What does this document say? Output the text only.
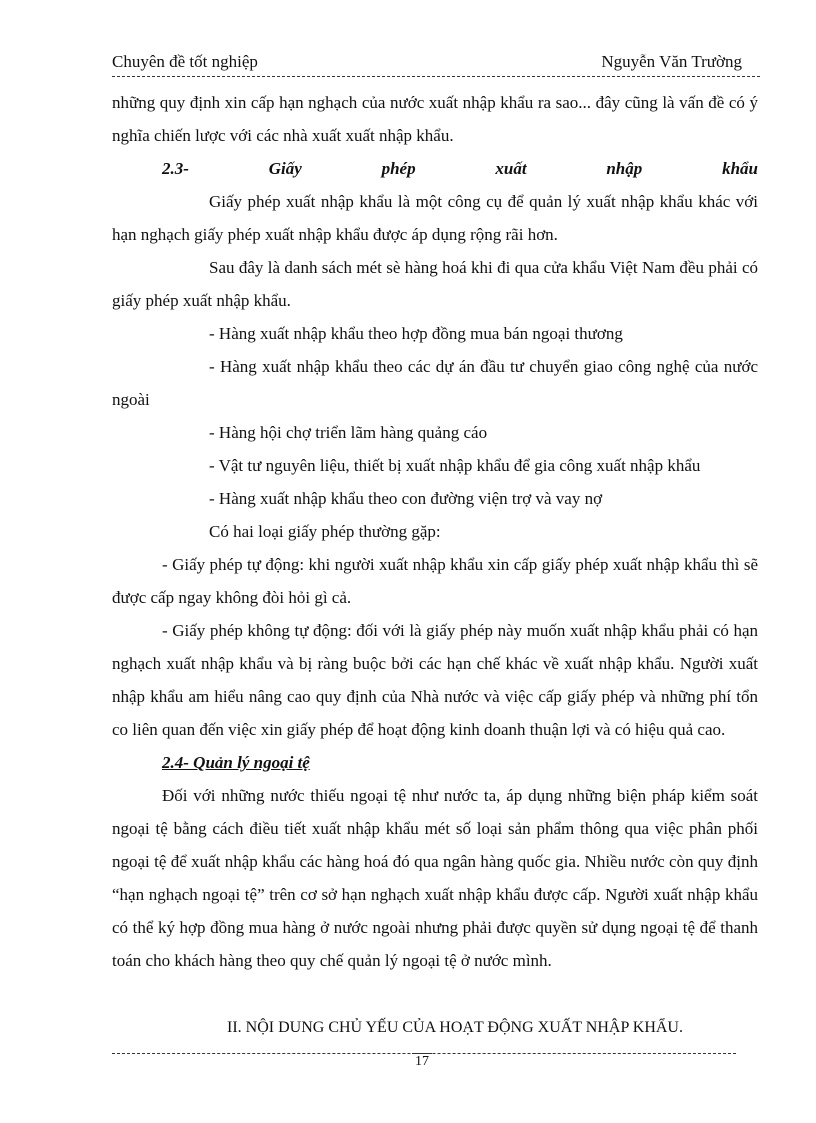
Chuyên đề tốt nghiệp	Nguyễn Văn Trường

những quy định xin cấp hạn nghạch của nước xuất nhập khẩu ra sao... đây cũng là vấn đề có ý nghĩa chiến lược với các nhà xuất xuất nhập khẩu.

2.3-	Giấy	phép	xuất	nhập	khẩu

Giấy phép xuất nhập khẩu là một công cụ để quản lý xuất nhập khẩu khác với hạn nghạch giấy phép xuất nhập khẩu được áp dụng rộng rãi hơn.

Sau đây là danh sách mét sè hàng hoá khi đi qua cửa khẩu Việt Nam đều phải có giấy phép xuất nhập khẩu.

- Hàng xuất nhập khẩu theo hợp đồng mua bán ngoại thương

- Hàng xuất nhập khẩu theo các dự án đầu tư chuyển giao công nghệ của nước ngoài

- Hàng hội chợ triển lãm hàng quảng cáo

- Vật tư nguyên liệu, thiết bị xuất nhập khẩu để gia công xuất nhập khẩu

- Hàng xuất nhập khẩu theo con đường viện trợ và vay nợ

Có hai loại giấy phép thường gặp:

- Giấy phép tự động: khi người xuất nhập khẩu xin cấp giấy phép xuất nhập khẩu thì sẽ được cấp ngay không đòi hỏi gì cả.

- Giấy phép không tự động: đối với là giấy phép này muốn xuất nhập khẩu phải có hạn nghạch xuất nhập khẩu và bị ràng buộc bởi các hạn chế khác về xuất nhập khẩu. Người xuất nhập khẩu am hiểu nâng cao quy định của Nhà nước và việc cấp giấy phép và những phí tổn co liên quan đến việc xin giấy phép để hoạt động kinh doanh thuận lợi và có hiệu quả cao.

2.4- Quản lý ngoại tệ

Đối với những nước thiếu ngoại tệ như nước ta, áp dụng những biện pháp kiểm soát ngoại tệ bằng cách điều tiết xuất nhập khẩu mét số loại sản phẩm thông qua việc phân phối ngoại tệ để xuất nhập khẩu các hàng hoá đó qua ngân hàng quốc gia. Nhiều nước còn quy định “hạn nghạch ngoại tệ” trên cơ sở hạn nghạch xuất nhập khẩu được cấp. Người xuất nhập khẩu có thể ký hợp đồng mua hàng ở nước ngoài nhưng phải được quyền sử dụng ngoại tệ để thanh toán cho khách hàng theo quy chế quản lý ngoại tệ ở nước mình.

II. NỘI DUNG CHỦ YẾU CỦA HOẠT ĐỘNG XUẤT NHẬP KHẨU.

17
